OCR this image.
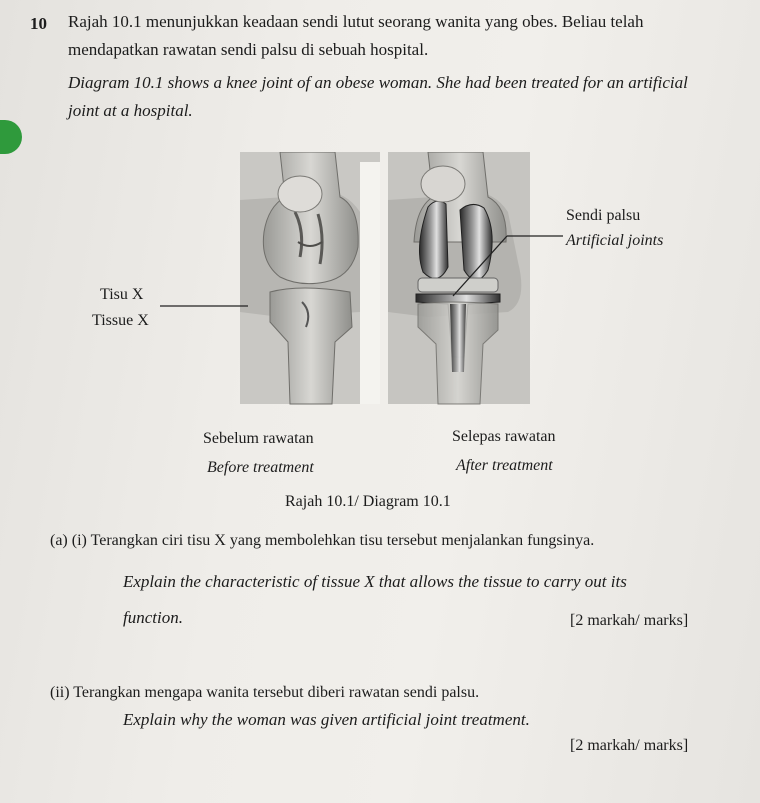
10 Rajah 10.1 menunjukkan keadaan sendi lutut seorang wanita yang obes. Beliau telah
mendapatkan rawatan sendi palsu di sebuah hospital.
Diagram 10.1 shows a knee joint of an obese woman. She had been treated for an artificial
joint at a hospital.
Tisu X
Tissue X
Sendi palsu
Artificial joints
Sebelum rawatan
Before treatment
Selepas rawatan
After treatment
Rajah 10.1/ Diagram 10.1
(a) (i) Terangkan ciri tisu X yang membolehkan tisu tersebut menjalankan fungsinya.
Explain the characteristic of tissue X that allows the tissue to carry out its
function.	[2 markah/ marks]
(ii) Terangkan mengapa wanita tersebut diberi rawatan sendi palsu.
Explain why the woman was given artificial joint treatment.
[2 markah/ marks]
